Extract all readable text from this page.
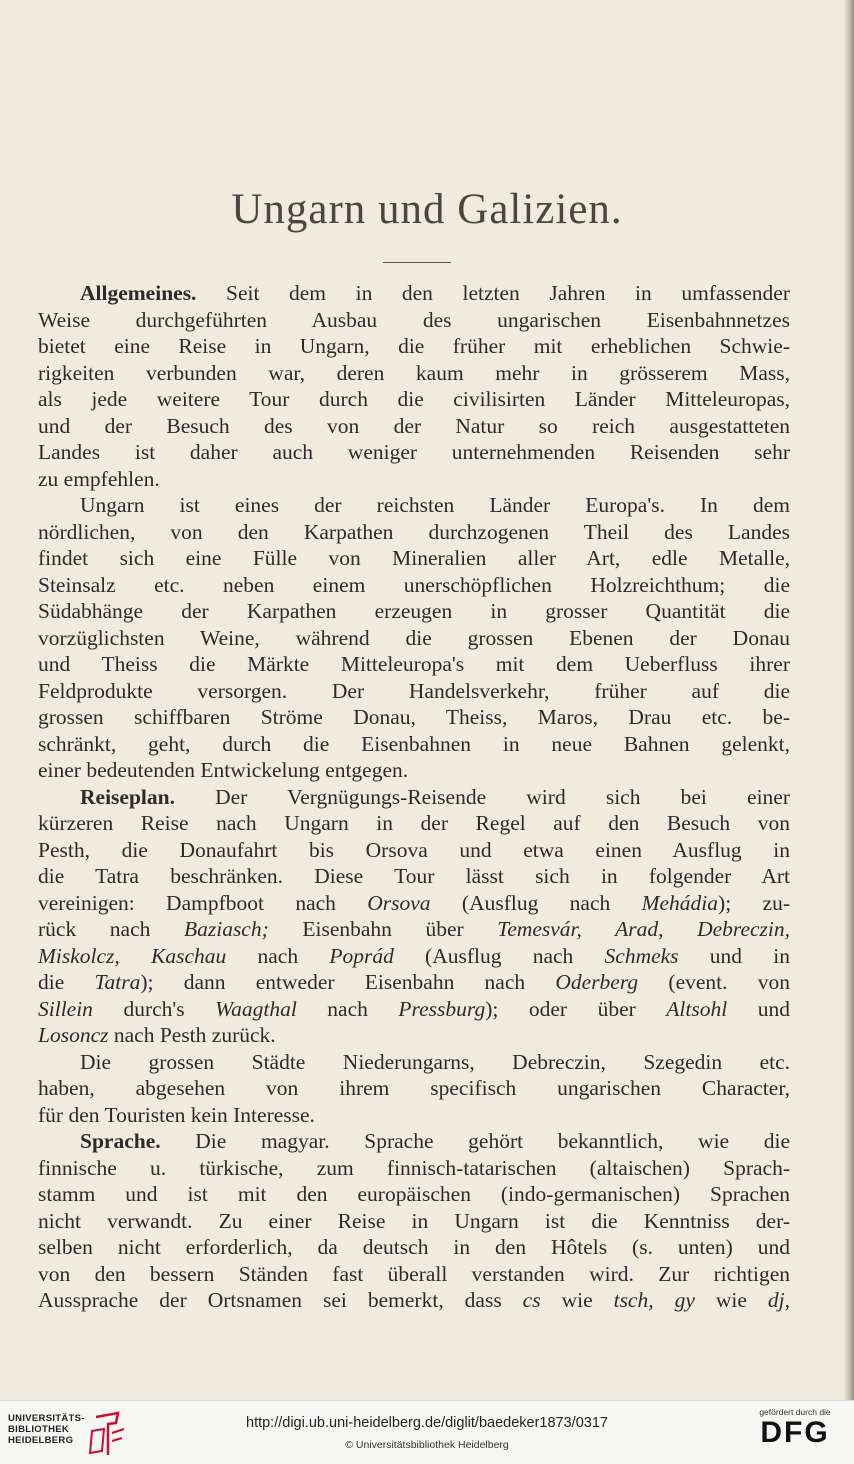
Ungarn und Galizien.
Allgemeines. Seit dem in den letzten Jahren in umfassender
Weise durchgeführten Ausbau des ungarischen Eisenbahnnetzes
bietet eine Reise in Ungarn, die früher mit erheblichen Schwie-
rigkeiten verbunden war, deren kaum mehr in grösserem Mass,
als jede weitere Tour durch die civilisirten Länder Mitteleuropas,
und der Besuch des von der Natur so reich ausgestatteten
Landes ist daher auch weniger unternehmenden Reisenden sehr
zu empfehlen.
Ungarn ist eines der reichsten Länder Europa's. In dem
nördlichen, von den Karpathen durchzogenen Theil des Landes
findet sich eine Fülle von Mineralien aller Art, edle Metalle,
Steinsalz etc. neben einem unerschöpflichen Holzreichthum; die
Südabhänge der Karpathen erzeugen in grosser Quantität die
vorzüglichsten Weine, während die grossen Ebenen der Donau
und Theiss die Märkte Mitteleuropa's mit dem Ueberfluss ihrer
Feldprodukte versorgen. Der Handelsverkehr, früher auf die
grossen schiffbaren Ströme Donau, Theiss, Maros, Drau etc. be-
schränkt, geht, durch die Eisenbahnen in neue Bahnen gelenkt,
einer bedeutenden Entwickelung entgegen.
Reiseplan. Der Vergnügungs-Reisende wird sich bei einer
kürzeren Reise nach Ungarn in der Regel auf den Besuch von
Pesth, die Donaufahrt bis Orsova und etwa einen Ausflug in
die Tatra beschränken. Diese Tour lässt sich in folgender Art
vereinigen: Dampfboot nach Orsova (Ausflug nach Mehádia); zu-
rück nach Baziasch; Eisenbahn über Temesvár, Arad, Debreczin,
Miskolcz, Kaschau nach Poprád (Ausflug nach Schmeks und in
die Tatra); dann entweder Eisenbahn nach Oderberg (event. von
Sillein durch's Waagthal nach Pressburg); oder über Altsohl und
Losoncz nach Pesth zurück.
Die grossen Städte Niederungarns, Debreczin, Szegedin etc.
haben, abgesehen von ihrem specifisch ungarischen Character,
für den Touristen kein Interesse.
Sprache. Die magyar. Sprache gehört bekanntlich, wie die
finnische u. türkische, zum finnisch-tatarischen (altaischen) Sprach-
stamm und ist mit den europäischen (indo-germanischen) Sprachen
nicht verwandt. Zu einer Reise in Ungarn ist die Kenntniss der-
selben nicht erforderlich, da deutsch in den Hôtels (s. unten) und
von den bessern Ständen fast überall verstanden wird. Zur richtigen
Aussprache der Ortsnamen sei bemerkt, dass cs wie tsch, gy wie dj,
UNIVERSITÄTS-
BIBLIOTHEK
HEIDELBERG
http://digi.ub.uni-heidelberg.de/diglit/baedeker1873/0317
© Universitätsbibliothek Heidelberg
gefördert durch die
DFG
